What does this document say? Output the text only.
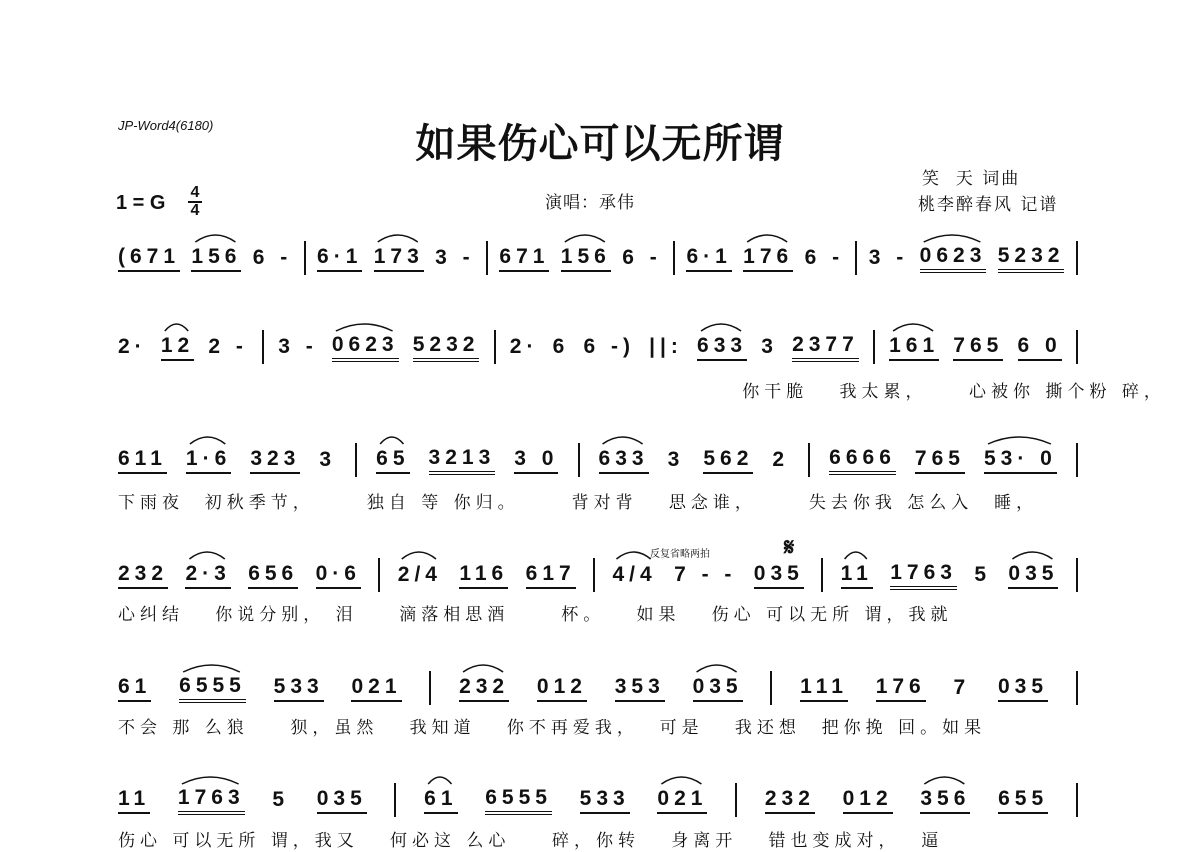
JP-Word4(6180)	如果伤心可以无所谓
笑  天 词曲
桃李醉春风 记谱
1 = G 4
4	演唱：承伟
反复省略两拍	𝄋
(671 156 6 - 6·1 173 3 - 671 156 6 - 6·1 176 6 - 3 - 0623 5232
2· 12 2 - 3 - 0623 5232 2· 6 6 -) ||: 633 3 2377 161 765 6 0
你干脆   我太累，    心被你 撕个粉 碎，
611 1·6 323 3 65 3213 3 0 633 3 562 2 6666 765 53· 0
下雨夜  初秋季节，     独自 等 你归。     背对背   思念谁，     失去你我 怎么入  睡，
232 2·3 656 0·6 2/4 116 617 4/4 7 - - 035 11 1763 5 035
心纠结   你说分别， 泪    滴落相思酒     杯。   如果   伤心 可以无所 谓，我就
61 6555 533 021	232 012 353 035	111 176 7 035
不会 那 么狼    狈，虽然   我知道   你不再爱我，  可是   我还想  把你挽 回。如果
11 1763 5 035	61 6555 533 021	232 012 356 655
伤心 可以无所 谓，我又   何必这 么心    碎，你转   身离开   错也变成对，  逼
